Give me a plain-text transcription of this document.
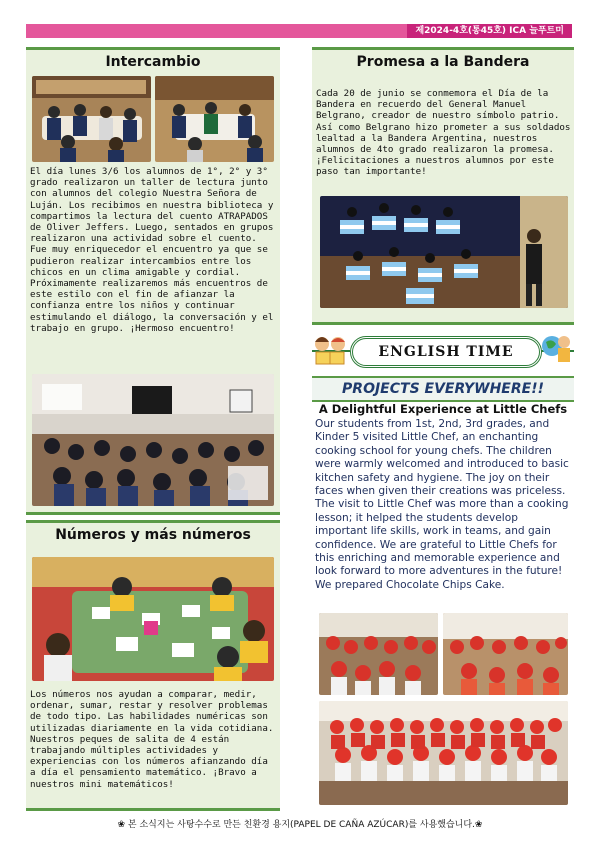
제2024-4호(통45호) ICA 늘푸트미
Intercambio
El día lunes 3/6 los alumnos de 1°, 2° y 3° grado realizaron un taller de lectura junto con alumnos del colegio Nuestra Señora de Luján. Los recibimos en nuestra biblioteca y compartimos la lectura del cuento ATRAPADOS de Oliver Jeffers. Luego, sentados en grupos realizaron una actividad sobre el cuento. Fue muy enriquecedor el encuentro ya que se pudieron realizar intercambios entre los chicos en un clima amigable y cordial. Próximamente realizaremos más encuentros de este estilo con el fin de afianzar la confianza entre los niños y continuar estimulando el diálogo, la conversación y el trabajo en grupo. ¡Hermoso encuentro!
Números y más números
Los números nos ayudan a comparar, medir, ordenar, sumar, restar y resolver problemas de todo tipo. Las habilidades numéricas son utilizadas diariamente en la vida cotidiana. Nuestros peques de salita de 4 están trabajando múltiples actividades y experiencias con los números afianzando día a día el pensamiento matemático. ¡Bravo a nuestros mini matemáticos!
Promesa a la Bandera
Cada 20 de junio se conmemora el Día de la Bandera en recuerdo del General Manuel Belgrano, creador de nuestro símbolo patrio. Así como Belgrano hizo prometer a sus soldados lealtad a la Bandera Argentina, nuestros alumnos de 4to grado realizaron la promesa. ¡Felicitaciones a nuestros alumnos por este paso tan importante!
ENGLISH TIME
PROJECTS EVERYWHERE!!
A Delightful Experience at Little Chefs
Our students from 1st, 2nd, 3rd grades, and Kinder 5 visited Little Chef, an enchanting cooking school for young chefs. The children were warmly welcomed and introduced to basic kitchen safety and hygiene. The joy on their faces when given their creations was priceless. The visit to Little Chef was more than a cooking lesson; it helped the students develop important life skills, work in teams, and gain confidence. We are grateful to Little Chefs for this enriching and memorable experience and look forward to more adventures in the future! We prepared Chocolate Chips Cake.
❀ 본 소식지는 사탕수수로 만든 친환경 용지(PAPEL DE CAÑA AZÚCAR)를 사용했습니다.❀
